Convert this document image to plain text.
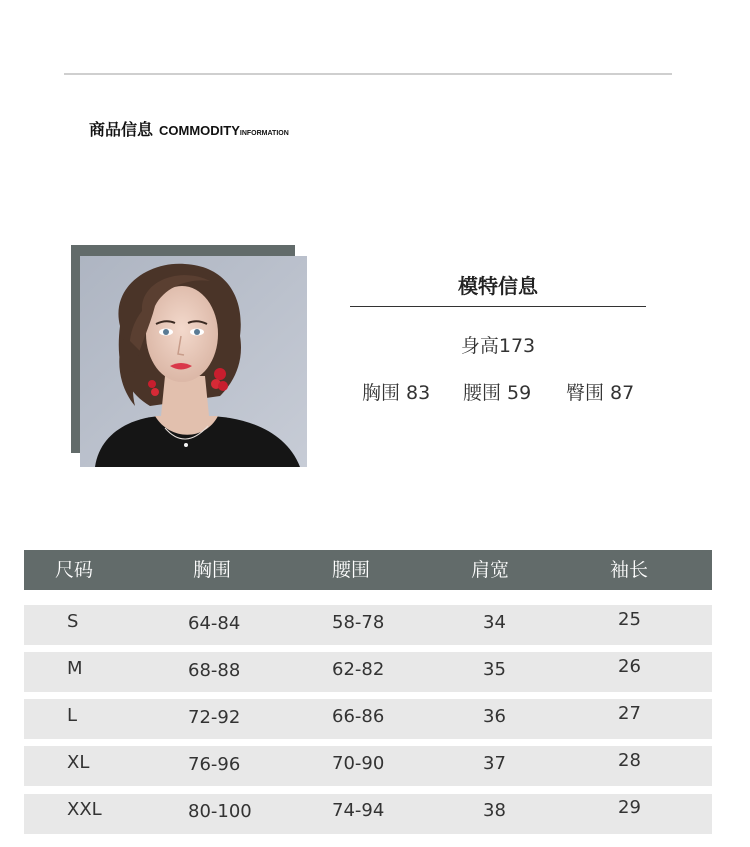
商品信息 COMMODITYINFORMATION
模特信息
身高173
胸围 83 腰围 59 臀围 87
尺码	胸围	腰围	肩宽	袖长
S	64-84	58-78	34	25
M	68-88	62-82	35	26
L	72-92	66-86	36	27
XL	76-96	70-90	37	28
XXL	80-100	74-94	38	29
